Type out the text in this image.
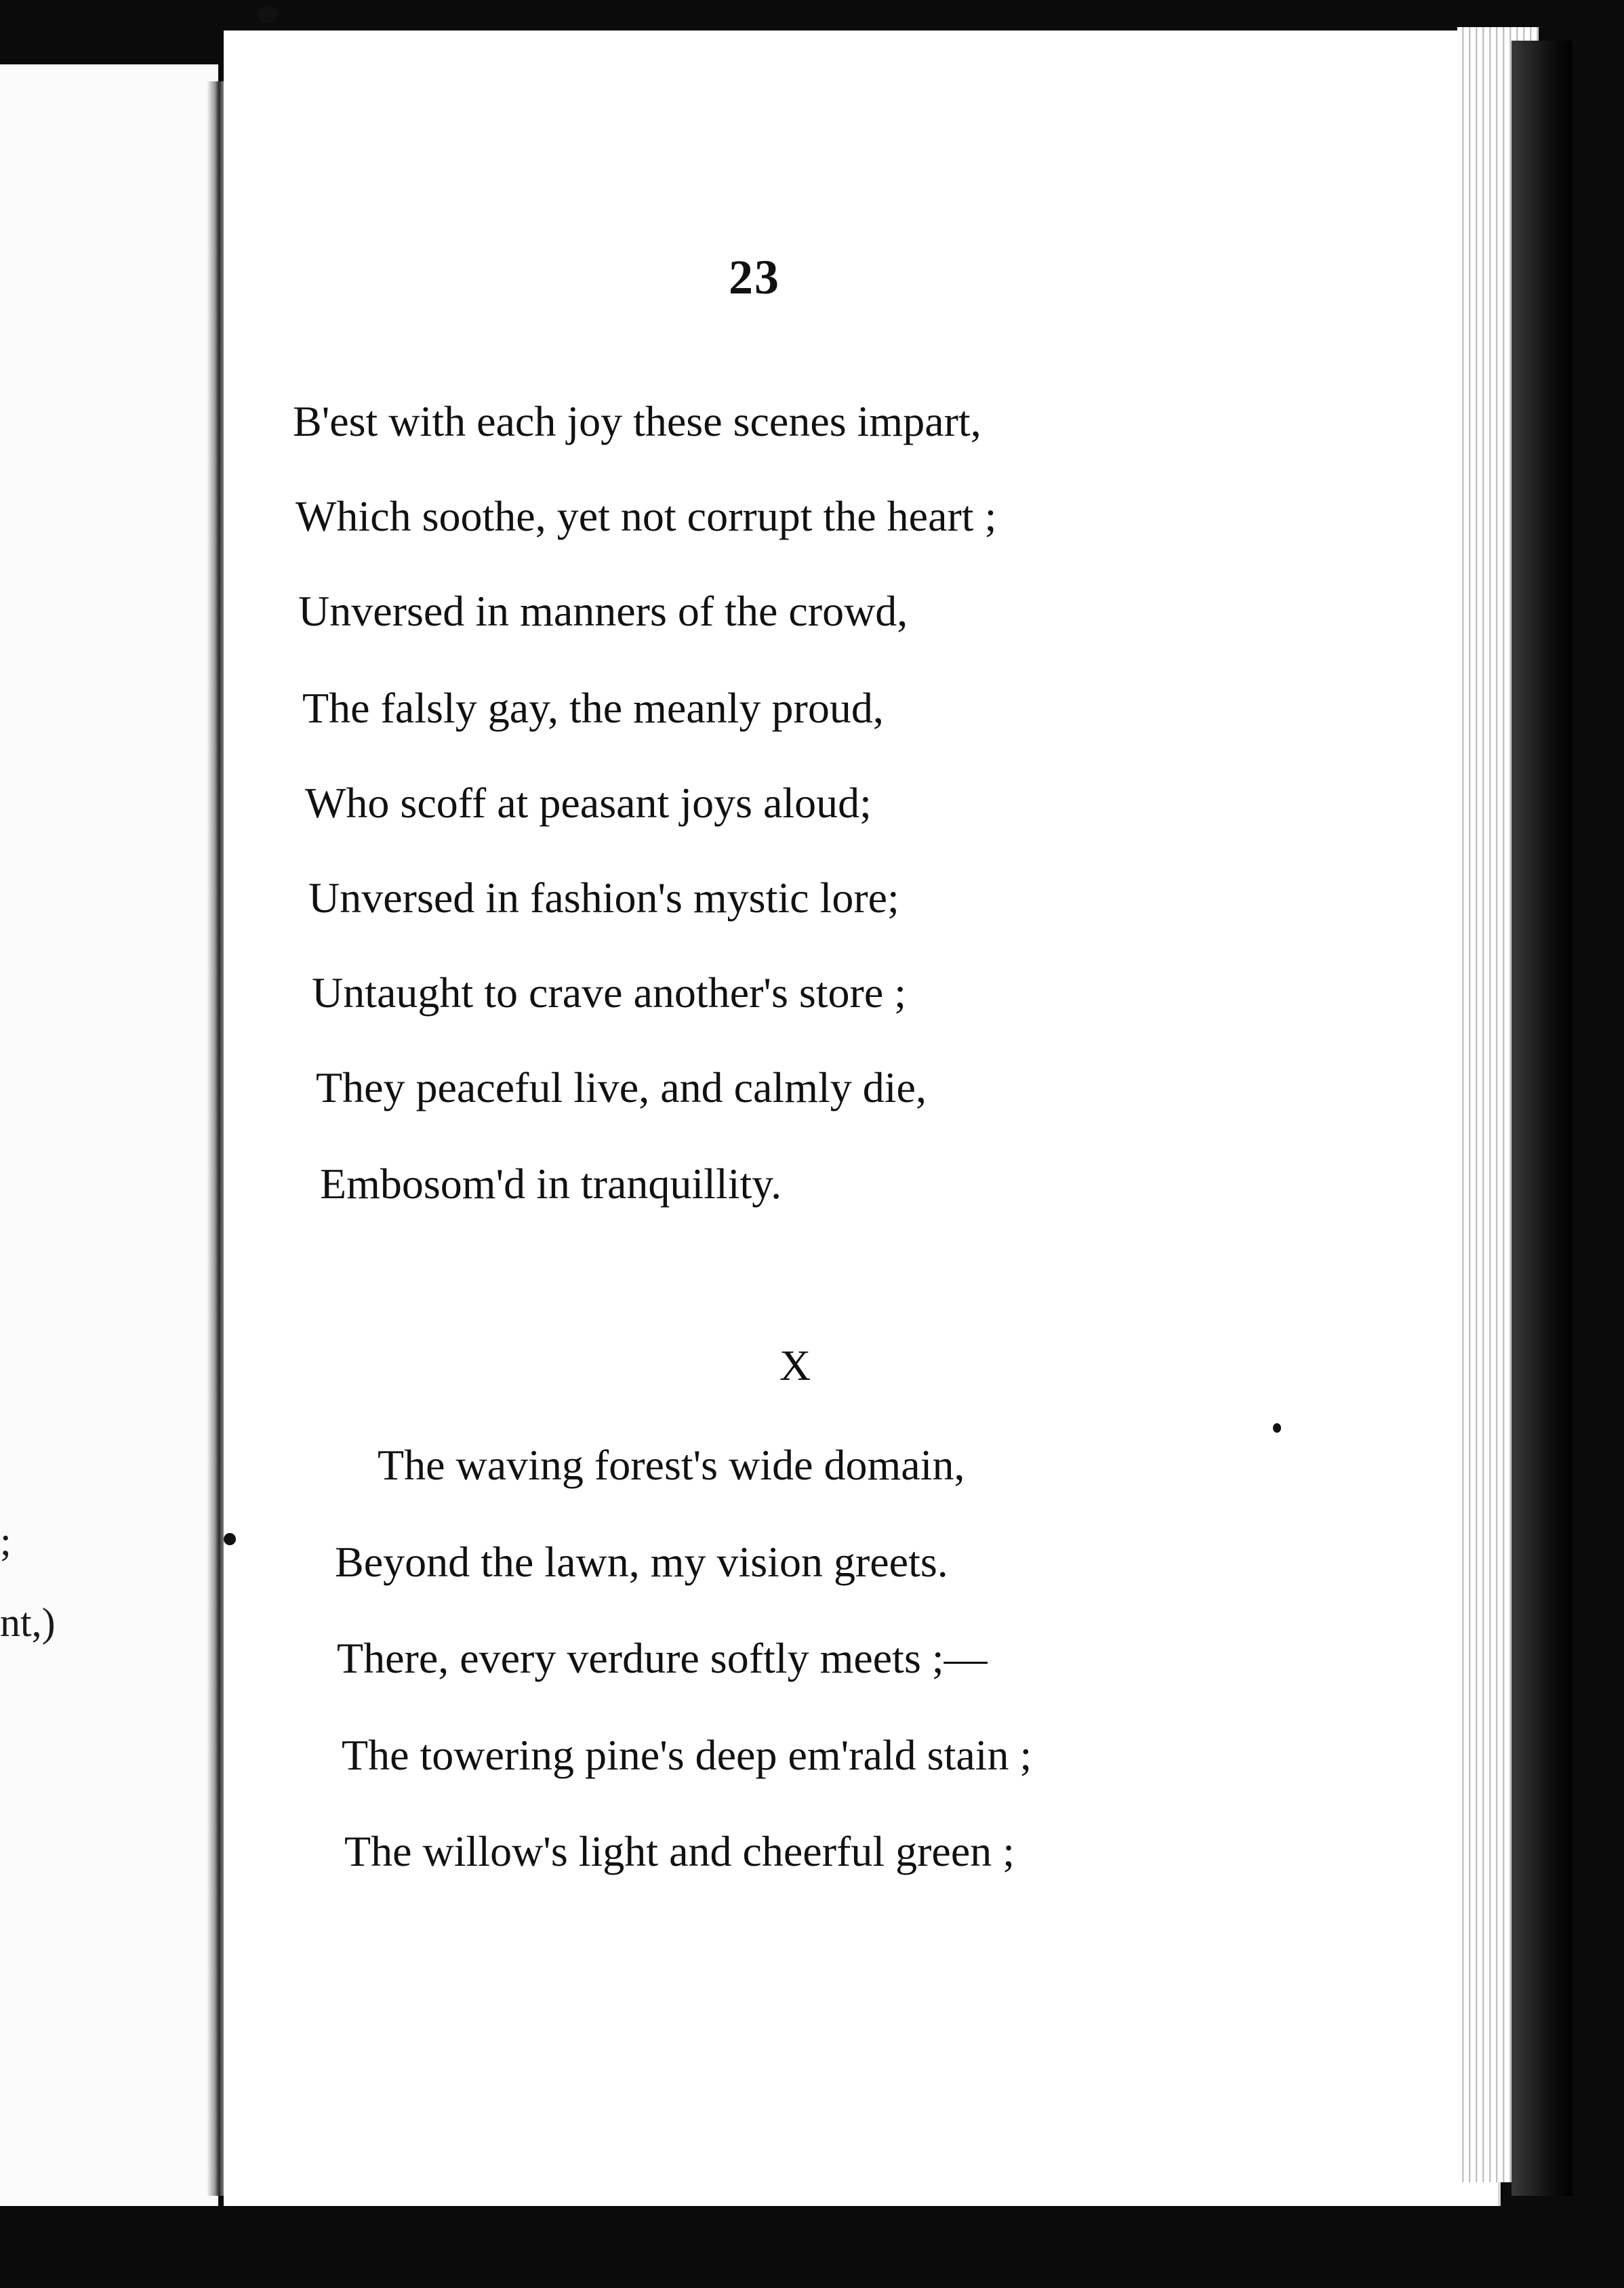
;
nt,)
23
B'est with each joy these scenes impart,
Which soothe, yet not corrupt the heart ;
Unversed in manners of the crowd,
The falsly gay, the meanly proud,
Who scoff at peasant joys aloud;
Unversed in fashion's mystic lore;
Untaught to crave another's store ;
They peaceful live, and calmly die,
Embosom'd in tranquillity.
X
The waving forest's wide domain,
Beyond the lawn, my vision greets.
There, every verdure softly meets ;—
The towering pine's deep em'rald stain ;
The willow's light and cheerful green ;
